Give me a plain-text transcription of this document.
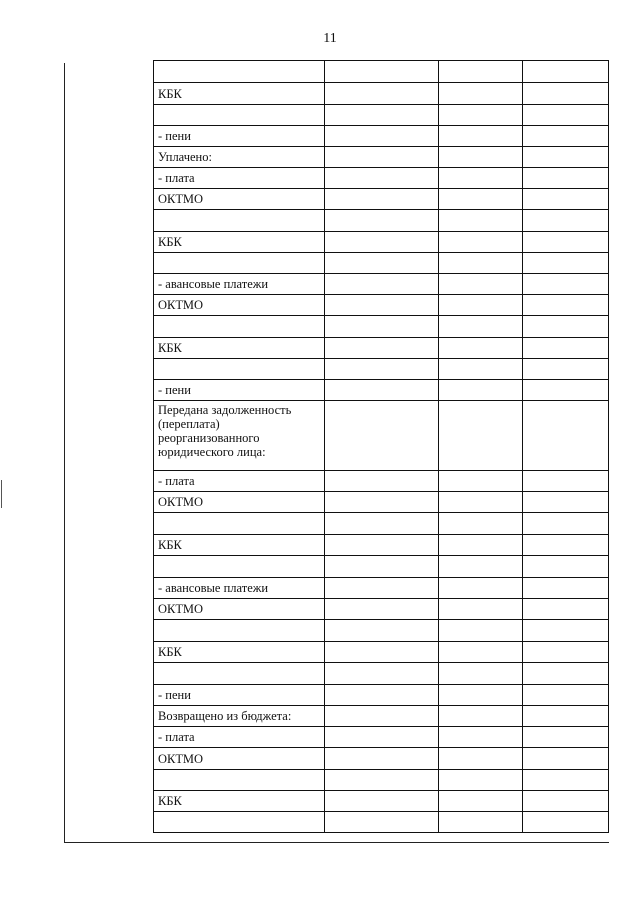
11

КБК			

- пени			
Уплачено:			
- плата			
ОКТМО			

КБК			

- авансовые платежи			
ОКТМО			

КБК			

- пени			
Передана задолженность (переплата) реорганизованного юридического лица:			
- плата			
ОКТМО			

КБК			

- авансовые платежи			
ОКТМО			

КБК			

- пени			
Возвращено из бюджета:			
- плата			
ОКТМО			

КБК			
